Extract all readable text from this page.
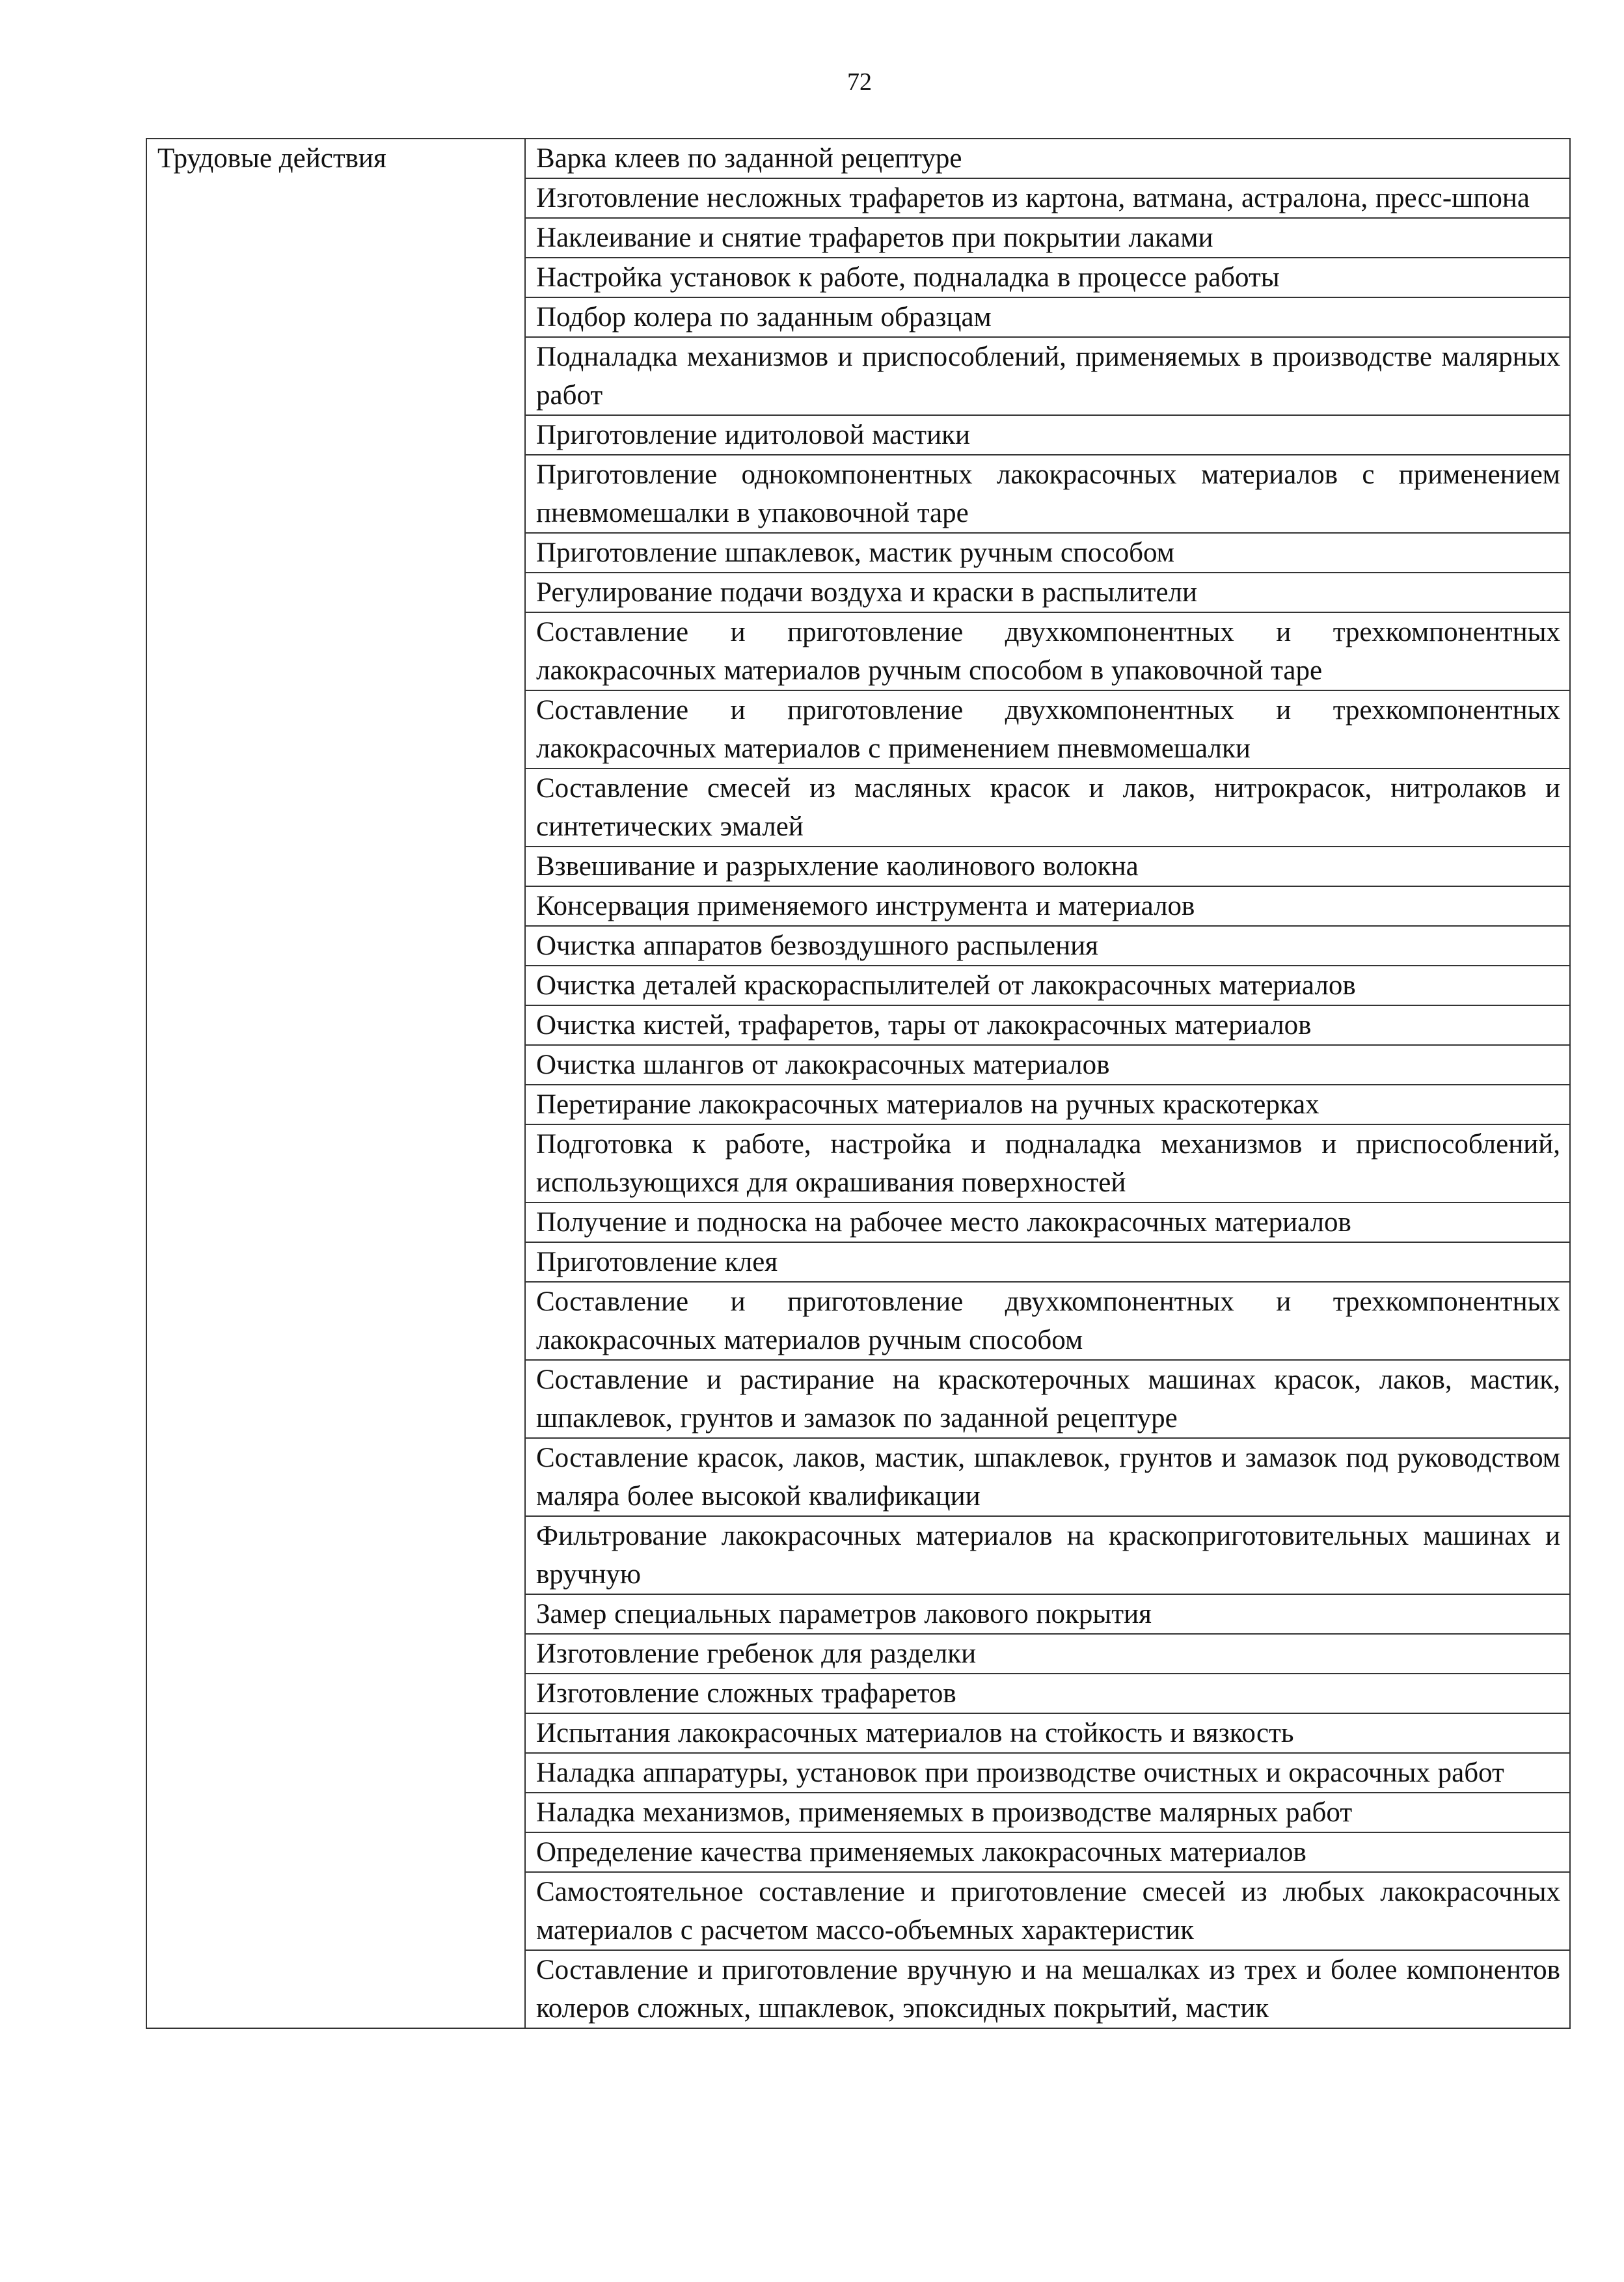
72
Трудовые действия	Варка клеев по заданной рецептуре
Изготовление несложных трафаретов из картона, ватмана, астралона, пресс-шпона
Наклеивание и снятие трафаретов при покрытии лаками
Настройка установок к работе, подналадка в процессе работы
Подбор колера по заданным образцам
Подналадка механизмов и приспособлений, применяемых в производстве малярных работ
Приготовление идитоловой мастики
Приготовление однокомпонентных лакокрасочных материалов с применением пневмомешалки в упаковочной таре
Приготовление шпаклевок, мастик ручным способом
Регулирование подачи воздуха и краски в распылители
Составление и приготовление двухкомпонентных и трехкомпонентных лакокрасочных материалов ручным способом в упаковочной таре
Составление и приготовление двухкомпонентных и трехкомпонентных лакокрасочных материалов с применением пневмомешалки
Составление смесей из масляных красок и лаков, нитрокрасок, нитролаков и синтетических эмалей
Взвешивание и разрыхление каолинового волокна
Консервация применяемого инструмента и материалов
Очистка аппаратов безвоздушного распыления
Очистка деталей краскораспылителей от лакокрасочных материалов
Очистка кистей, трафаретов, тары от лакокрасочных материалов
Очистка шлангов от лакокрасочных материалов
Перетирание лакокрасочных материалов на ручных краскотерках
Подготовка к работе, настройка и подналадка механизмов и приспособлений, использующихся для окрашивания поверхностей
Получение и подноска на рабочее место лакокрасочных материалов
Приготовление клея
Составление и приготовление двухкомпонентных и трехкомпонентных лакокрасочных материалов ручным способом
Составление и растирание на краскотерочных машинах красок, лаков, мастик, шпаклевок, грунтов и замазок по заданной рецептуре
Составление красок, лаков, мастик, шпаклевок, грунтов и замазок под руководством маляра более высокой квалификации
Фильтрование лакокрасочных материалов на краскоприготовительных машинах и вручную
Замер специальных параметров лакового покрытия
Изготовление гребенок для разделки
Изготовление сложных трафаретов
Испытания лакокрасочных материалов на стойкость и вязкость
Наладка аппаратуры, установок при производстве очистных и окрасочных работ
Наладка механизмов, применяемых в производстве малярных работ
Определение качества применяемых лакокрасочных материалов
Самостоятельное составление и приготовление смесей из любых лакокрасочных материалов с расчетом массо-объемных характеристик
Составление и приготовление вручную и на мешалках из трех и более компонентов колеров сложных, шпаклевок, эпоксидных покрытий, мастик
